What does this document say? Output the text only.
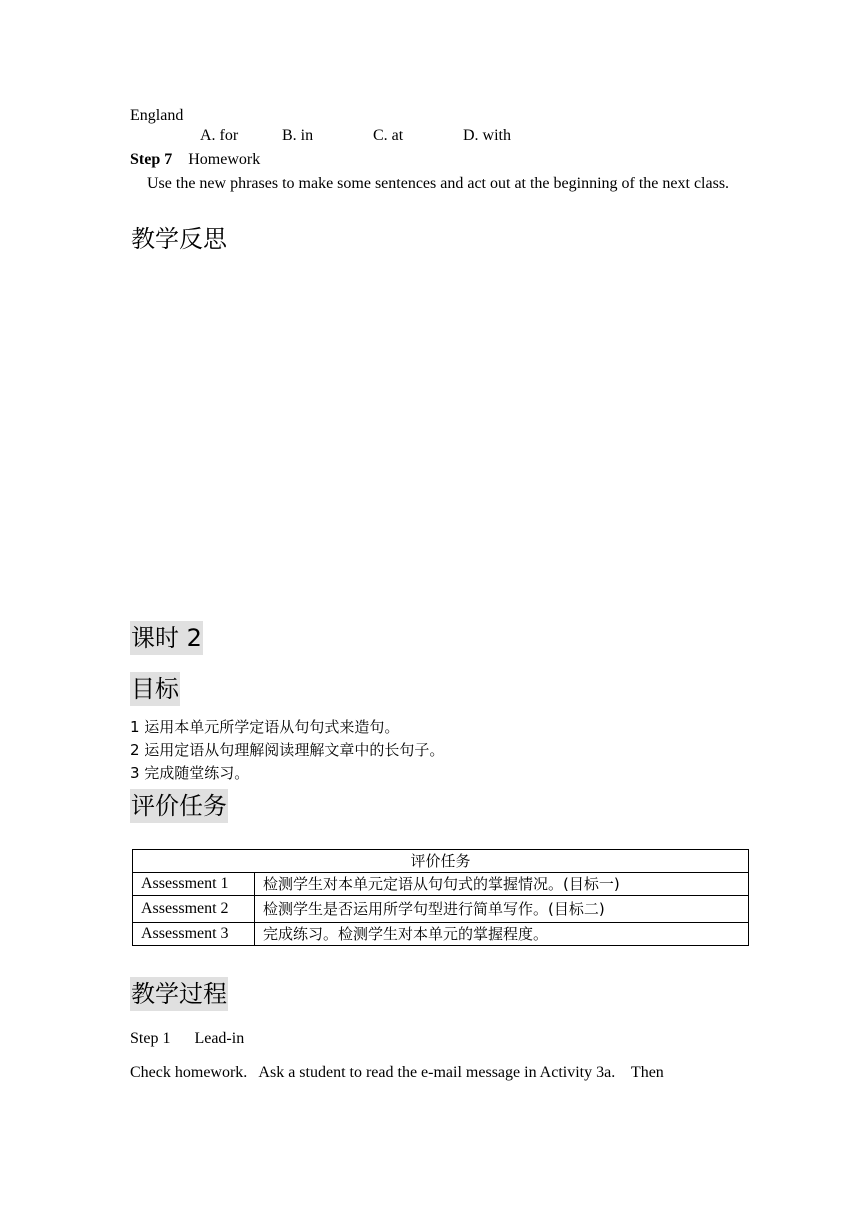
England
A. for	B. in	C. at	D. with
Step 7 Homework
Use the new phrases to make some sentences and act out at the beginning of the next class.
教学反思
课时 2
目标
1 运用本单元所学定语从句句式来造句。
2 运用定语从句理解阅读理解文章中的长句子。
3 完成随堂练习。
评价任务
评价任务	
Assessment 1	检测学生对本单元定语从句句式的掌握情况。(目标一)
Assessment 2	检测学生是否运用所学句型进行简单写作。(目标二)
Assessment 3	完成练习。检测学生对本单元的掌握程度。
教学过程
Step 1 Lead-in
Check homework.   Ask a student to read the e-mail message in Activity 3a.    Then
